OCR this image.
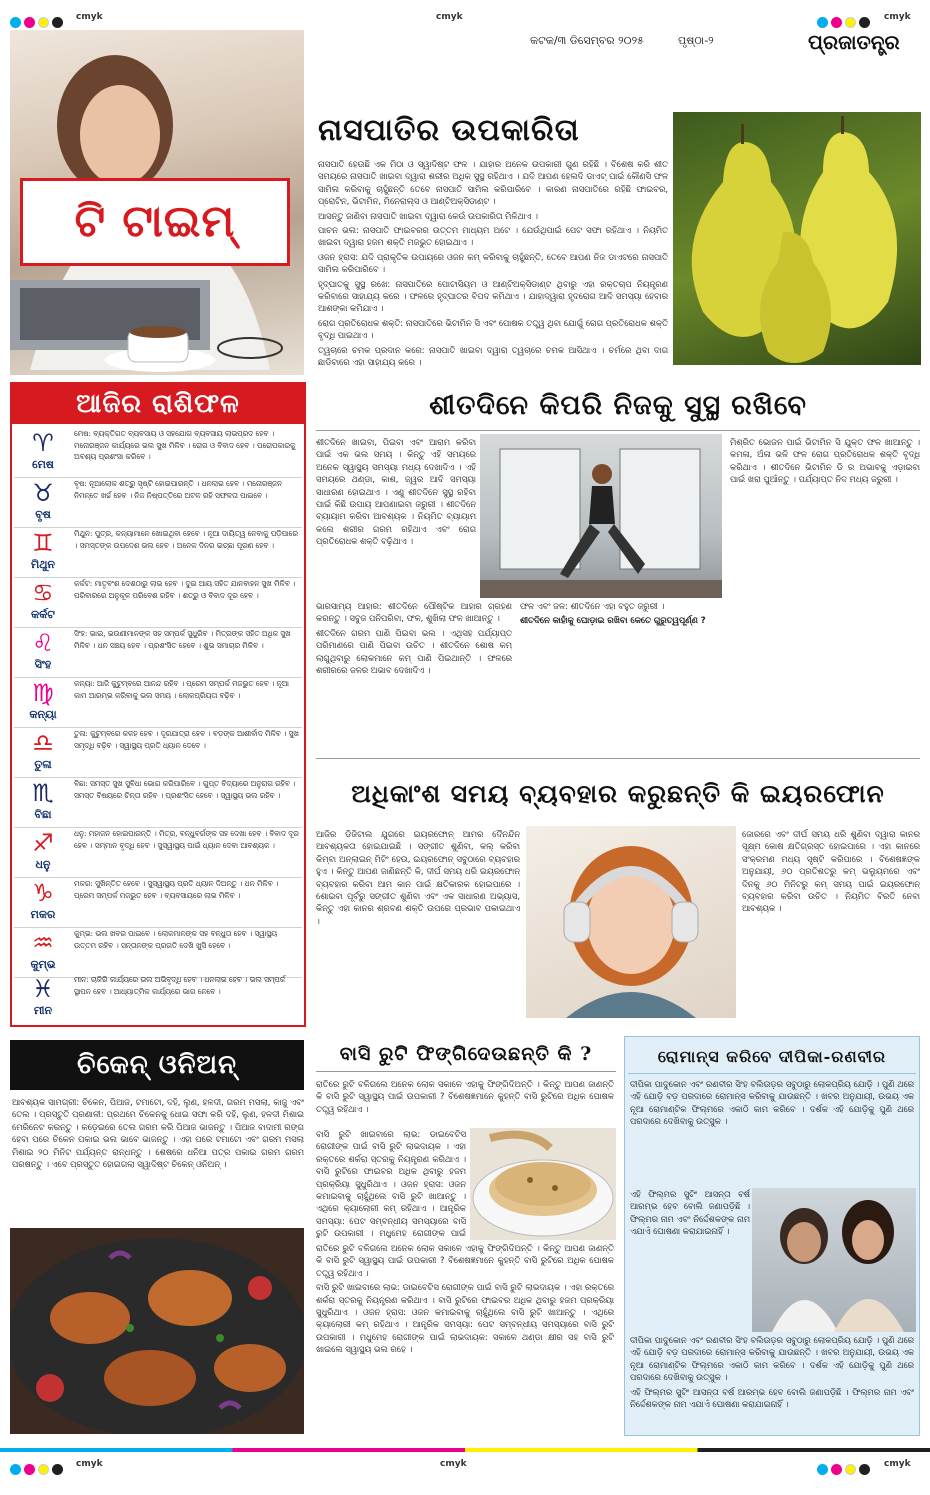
cmyk	cmyk	cmyk
କଟକ/୩ ଡିସେମ୍ବର ୨୦୨୫	ପୃଷ୍ଠା-୨	ପ୍ରଜାତନ୍ତ୍ର
ଟି ଟାଇମ୍‌
ନାସପାତିର ଉପକାରିତା

ନାସପାତି ହେଉଛି ଏକ ମିଠା ଓ ସ୍ୱାଦିଷ୍ଟ ଫଳ । ଯାହାର ଅନେକ ଉପକାରୀ ଗୁଣ ରହିଛି । ବିଶେଷ କରି ଶୀତ ସମୟରେ ନାସପାତି ଖାଇବା ଦ୍ୱାରା ଶରୀର ଅଧିକ ସୁସ୍ଥ ରହିଥାଏ । ଯଦି ଆପଣ ହେଲଦି ଡାଏଟ୍‌ ପାଇଁ କୌଣସି ଫଳ ସାମିଲ କରିବାକୁ ଚାହୁଁଛନ୍ତି ତେବେ ନାସପାତି ସାମିଲ କରିପାରିବେ । କାରଣ ନାସପାତିରେ ରହିଛି ଫାଇବର, ପ୍ରୋଟିନ, ଭିଟାମିନ, ମିନେରାଲ୍ସ ଓ ଆଣ୍ଟିଅକ୍ସିଡାଣ୍ଟ ।

ଆସନ୍ତୁ ଜାଣିବା ନାସପାତି ଖାଇବା ଦ୍ୱାରା କେଉଁ ଉପକାରିତା ମିଳିଥାଏ ।

ପାଚନ ଭଲ: ନାସପାତି ଫାଇବରର ଉତ୍ତମ ମାଧ୍ୟମ ଅଟେ । ଯେଉଁଥିପାଇଁ ପେଟ ସଫା ରହିଥାଏ । ନିୟମିତ ଖାଇବା ଦ୍ୱାରା ହଜମ ଶକ୍ତି ମଜଭୁତ ହୋଇଥାଏ ।

ଓଜନ ହ୍ରାସ: ଯଦି ପ୍ରାକୃତିକ ଉପାୟରେ ଓଜନ କମ୍‌ କରିବାକୁ ଚାହୁଁଛନ୍ତି, ତେବେ ଆପଣ ନିଜ ଡାଏଟରେ ନାସପାତି ସାମିଲ କରିପାରିବେ ।

ହୃଦ୍‌ଘାତକୁ ସୁସ୍ଥ ରଖେ: ନାସପାତିରେ ପୋଟାସିୟମ ଓ ଆଣ୍ଟିଅକ୍ସିଡାଣ୍ଟ ଥିବାରୁ ଏହା ରକ୍ତଚାପ ନିୟନ୍ତ୍ରଣ କରିବାରେ ସାହାଯ୍ୟ କରେ । ଫଳରେ ହୃଦ୍‌ଘାତର ବିପଦ କମିଥାଏ । ଯାହାଦ୍ୱାରା ହୃଦରୋଗ ଆଦି ସମସ୍ୟା ହେବାର ଆଶଙ୍କା କମିଯାଏ ।

ରୋଗ ପ୍ରତିରୋଧକ ଶକ୍ତି: ନାସପାତିରେ ଭିଟାମିନ ସି ଏବଂ ପୋଷକ ତତ୍ତ୍ୱ ଥିବା ଯୋଗୁଁ ରୋଗ ପ୍ରତିରୋଧକ ଶକ୍ତି ବୃଦ୍ଧି ପାଇଥାଏ ।

ତ୍ୱଚାରେ ଚମକ ପ୍ରଦାନ କରେ: ନାସପାତି ଖାଇବା ଦ୍ୱାରା ତ୍ୱଚାରେ ଚମକ ଆସିଥାଏ । ଚର୍ମରେ ଥିବା ଦାଗ ଛାଡିବାରେ ଏହା ସାହାଯ୍ୟ କରେ ।

ଆଜିର ରାଶିଫଳ
♈
ମେଷ
ମେଷ: ବ୍ୟକ୍ତିଗତ ବ୍ୟବସାୟ ଓ ସହଯୋଗ ବ୍ୟବସାୟ ଲାଭପ୍ରଦ ହେବ । ମନୋରଞ୍ଜନ କାର୍ଯ୍ୟରେ ଭଲ ସୁଖ ମିଳିବ । ରୋଗ ଓ ବିବାଦ ହେବ । ପରୋପକାରକୁ ଅବଶ୍ୟ ପ୍ରଶଂସା କରିବେ ।
♉
ବୃଷ
ବୃଷ: ନୂଆଲୋକ ଶତ୍ରୁ ସୃଷ୍ଟି ହୋଇପାରନ୍ତି । ଧନଲାଭ ହେବ । ମନୋରଞ୍ଜନ ନିମନ୍ତେ ଖର୍ଚ୍ଚ ହେବ । ନିଜ ନିଷ୍ପତ୍ତିରେ ଅଟଳ ରହି ସଫଳତା ପାଇବେ ।
♊
ମିଥୁନ
ମିଥୁନ: ପୁତ୍ର, କନ୍ୟାମାନେ ଖୋଇଥିବା ହେବେ । ନୂଆ ଦାୟିତ୍ୱ ନେବାକୁ ପଡ଼ିପାରେ । ସମସ୍ତଙ୍କ ଉପଦେଶ ଭଲ ହେବ । ଅନେକ ଦିନର ଇଚ୍ଛା ପୂରଣ ହେବ ।
♋
କର୍କଟ
କର୍କଟ: ମାତୃବଂଶ ଦେଶଠାରୁ ଲାଭ ହେବ । ଦୁଇ ଆୟ ସହିତ ଯାନବାହନ ସୁଖ ମିଳିବ । ପରିବାରରେ ଅନୁକୂଳ ପରିବେଶ ରହିବ । ଶତ୍ରୁ ଓ ବିବାଦ ଦୂର ହେବ ।
♌
ସିଂହ
ସିଂହ: ଭାଇ, ଭଉଣୀମାନଙ୍କ ସହ ସମ୍ପର୍କ ସୁଧୁରିବ । ମିତ୍ରଙ୍କ ସହିତ ଅଧିକ ସୁଖ ମିଳିବ । ଧନ ସଞ୍ଚୟ ହେବ । ପ୍ରଶଂସିତ ହେବେ । ଶୁଭ ସମାଚାର ମିଳିବ ।
♍
କନ୍ୟା
କନ୍ୟା: ଆଜି କୁଟୁମ୍ବରେ ଆନନ୍ଦ ରହିବ । ପ୍ରେମ ସମ୍ପର୍କ ମଜଭୁତ ହେବ । ନୂଆ କାମ ଆରମ୍ଭ କରିବାକୁ ଭଲ ସମୟ । ଲୋକପ୍ରିୟତା ବଢ଼ିବ ।
♎
ତୁଳା
ତୁଳା: କୁଟୁମ୍ବରେ କଳହ ହେବ । ଦୂରଯାତ୍ରା ହେବ । ବଡ଼ଙ୍କ ଆଶୀର୍ବାଦ ମିଳିବ । ସୁଖ ସମୃଦ୍ଧି ବଢ଼ିବ । ସ୍ୱାସ୍ଥ୍ୟ ପ୍ରତି ଧ୍ୟାନ ଦେବେ ।
♏
ବିଛା
ବିଛା: ସମସ୍ତ ସୁଖ ସୁବିଧା ଭୋଗ କରିପାରିବେ । ଗୁପ୍ତ ବିଦ୍ୟାରେ ଅନୁରାଗ ରହିବ । ସମସ୍ତ ବିଷୟରେ ଚିନ୍ତା ରହିବ । ପ୍ରଶଂସିତ ହେବେ । ସ୍ୱାସ୍ଥ୍ୟ ଭଲ ରହିବ ।
♐
ଧନୁ
ଧନୁ: ମହାଜନ ହୋଇପାରନ୍ତି । ମିତ୍ର, ବନ୍ଧୁବର୍ଗଙ୍କ ସହ ଦେଖା ହେବ । ବିବାଦ ଦୂର ହେବ । ସମ୍ମାନ ବୃଦ୍ଧି ହେବ । ସୁସ୍ୱାସ୍ଥ୍ୟ ପାଇଁ ଧ୍ୟାନ ଦେବା ଆବଶ୍ୟକ ।
♑
ମକର
ମକର: ସୁଖିନ୍ତିତ ହେବେ । ସୁସ୍ୱାସ୍ଥ୍ୟ ପ୍ରତି ଧ୍ୟାନ ଦିଅନ୍ତୁ । ଧନ ମିଳିବ । ପ୍ରେମ ସମ୍ପର୍କ ମଜଭୁତ ହେବ । ବ୍ୟବସାୟରେ ଲାଭ ମିଳିବ ।
♒
କୁମ୍ଭ
କୁମ୍ଭ: ଭଲ ଖବର ପାଇବେ । ଲୋକମାନଙ୍କ ସହ ବନ୍ଧୁତା ହେବ । ସ୍ୱାସ୍ଥ୍ୟ ଉତ୍ତମ ରହିବ । ସନ୍ତାନଙ୍କ ପ୍ରଗତି ଦେଖି ଖୁସି ହେବେ ।
♓
ମୀନ
ମୀନ: ଚାକିରି କାର୍ଯ୍ୟରେ ଭଲ ଅଭିବୃଦ୍ଧି ହେବ । ଧନଲାଭ ହେବ । ଭଲ ସମ୍ପର୍କ ସ୍ଥାପନ ହେବ । ଆଧ୍ୟାତ୍ମିକ କାର୍ଯ୍ୟରେ ଭାଗ ନେବେ ।
ଶୀତଦିନେ କିପରି ନିଜକୁ ସୁସ୍ଥ ରଖିବେ
ଶୀତଦିନେ ଖାଇବା, ପିଇବା ଏବଂ ଆରାମ କରିବା ପାଇଁ ଏକ ଭଲ ସମୟ । କିନ୍ତୁ ଏହି ସମୟରେ ଅନେକ ସ୍ୱାସ୍ଥ୍ୟ ସମସ୍ୟା ମଧ୍ୟ ଦେଖାଦିଏ । ଏହି ସମୟରେ ଥଣ୍ଡା, କାଶ, ଜ୍ୱର ଆଦି ସମସ୍ୟା ସାଧାରଣ ହୋଇଥାଏ । ଏଣୁ ଶୀତଦିନେ ସୁସ୍ଥ ରହିବା ପାଇଁ କିଛି ଉପାୟ ଆପଣାଇବା ଜରୁରୀ । ଶୀତଦିନେ ବ୍ୟାୟାମ କରିବା ଆବଶ୍ୟକ । ନିୟମିତ ବ୍ୟାୟାମ କଲେ ଶରୀର ଗରମ ରହିଥାଏ ଏବଂ ରୋଗ ପ୍ରତିରୋଧକ ଶକ୍ତି ବଢ଼ିଥାଏ ।
ମିଶ୍ରିତ ଭୋଜନ ପାଇଁ ଭିଟାମିନ ସି ଯୁକ୍ତ ଫଳ ଖାଆନ୍ତୁ । କମଳା, ଅଁଳା ଭଳି ଫଳ ରୋଗ ପ୍ରତିରୋଧକ ଶକ୍ତି ବୃଦ୍ଧି କରିଥାଏ । ଶୀତଦିନେ ଭିଟାମିନ ଡି ର ଅଭାବକୁ ଏଡ଼ାଇବା ପାଇଁ ଖରା ପୁଆଁନ୍ତୁ । ପର୍ଯ୍ୟାପ୍ତ ନିଦ ମଧ୍ୟ ଜରୁରୀ ।

ଭାରସାମ୍ୟ ଆହାର: ଶୀତଦିନେ ପୌଷ୍ଟିକ ଆହାର ଗ୍ରହଣ କରନ୍ତୁ । ସବୁଜ ପନିପରିବା, ଫଳ, ଶୁଖିଲା ଫଳ ଖାଆନ୍ତୁ ।

ଶୀତଦିନେ ଗରମ ପାଣି ପିଇବା ଭଲ । ଏଥିସହ ପର୍ଯ୍ୟାପ୍ତ ପରିମାଣରେ ପାଣି ପିଇବା ଉଚିତ । ଶୀତଦିନେ ଶୋଷ କମ୍‌ ଲାଗୁଥିବାରୁ ଲୋକମାନେ କମ୍‌ ପାଣି ପିଇଥାନ୍ତି । ଫଳରେ ଶରୀରରେ ଜଳର ଅଭାବ ଦେଖାଦିଏ ।

ଫଳ ଏବଂ ଜଳ: ଶୀତଦିନେ ଏହା ବହୁତ ଜରୁରୀ ।

ଶୀତଦିନେ କାହାଁକୁ ଘୋଡ଼ାଇ ରଖିବା କେତେ ଗୁରୁତ୍ୱପୂର୍ଣ୍ଣ ?

ଅଧିକାଂଶ ସମୟ ବ୍ୟବହାର କରୁଛନ୍ତି କି ଇୟରଫୋନ
ଆଜିର ଡିଜିଟାଲ ଯୁଗରେ ଇୟରଫୋନ୍‌ ଆମର ଦୈନନ୍ଦିନ ଆବଶ୍ୟକତା ହୋଇଯାଇଛି । ସଙ୍ଗୀତ ଶୁଣିବା, କଲ୍‌ କରିବା କିମ୍ବା ଅନ୍‌ଲାଇନ୍‌ ମିଟିଂ ହେଉ, ଇୟରଫୋନ୍‌ ସବୁଠାରେ ବ୍ୟବହାର ହୁଏ । କିନ୍ତୁ ଆପଣ ଜାଣିଛନ୍ତି କି, ଦୀର୍ଘ ସମୟ ଧରି ଇୟରଫୋନ୍‌ ବ୍ୟବହାର କରିବା ଆମ କାନ ପାଇଁ କ୍ଷତିକାରକ ହୋଇପାରେ । ଶୋଇବା ପୂର୍ବରୁ ସଙ୍ଗୀତ ଶୁଣିବା ଏବଂ ଏକ ସାଧାରଣ ଅଭ୍ୟାସ, କିନ୍ତୁ ଏହା କାନର ଶ୍ରବଣ ଶକ୍ତି ଉପରେ ପ୍ରଭାବ ପକାଇଥାଏ ।
ଜୋରରେ ଏବଂ ଦୀର୍ଘ ସମୟ ଧରି ଶୁଣିବା ଦ୍ୱାରା କାନର ସୂକ୍ଷ୍ମ କୋଷ କ୍ଷତିଗ୍ରସ୍ତ ହୋଇପାରେ । ଏହା କାନରେ ସଂକ୍ରମଣ ମଧ୍ୟ ସୃଷ୍ଟି କରିପାରେ । ବିଶେଷଜ୍ଞଙ୍କ ଅନୁଯାୟୀ, ୬୦ ପ୍ରତିଶତରୁ କମ୍‌ ଭଲ୍ୟୁମରେ ଏବଂ ଦିନକୁ ୬୦ ମିନିଟରୁ କମ୍‌ ସମୟ ପାଇଁ ଇୟରଫୋନ୍‌ ବ୍ୟବହାର କରିବା ଉଚିତ । ନିୟମିତ ବିରତି ନେବା ଆବଶ୍ୟକ ।
ଚିକେନ୍‌ ଓନିଅନ୍‌
ଆବଶ୍ୟକ ସାମଗ୍ରୀ: ଚିକେନ, ପିଆଜ, ଟମାଟୋ, ଦହି, ଲୁଣ, ହଳଦୀ, ଗରମ ମସଲା, କାଜୁ ଏବଂ ତେଲ । ପ୍ରସ୍ତୁତି ପ୍ରଣାଳୀ: ପ୍ରଥମେ ଚିକେନକୁ ଧୋଇ ସଫା କରି ଦହି, ଲୁଣ, ହଳଦୀ ମିଶାଇ ମେରିନେଟ କରନ୍ତୁ । କଡ଼େଇରେ ତେଲ ଗରମ କରି ପିଆଜ ଭାଜନ୍ତୁ । ପିଆଜ ବାଦାମୀ ରଙ୍ଗ ହେବା ପରେ ଚିକେନ ପକାଇ ଭଲ ଭାବେ ଭାଜନ୍ତୁ । ଏହା ପରେ ଟମାଟୋ ଏବଂ ଗରମ ମସଲା ମିଶାଇ ୨୦ ମିନିଟ ପର୍ଯ୍ୟନ୍ତ ରାନ୍ଧନ୍ତୁ । ଶେଷରେ ଧନିଆ ପତ୍ର ପକାଇ ଗରମ ଗରମ ପରଷନ୍ତୁ । ଏବେ ପ୍ରସ୍ତୁତ ହୋଇଗଲା ସ୍ୱାଦିଷ୍ଟ ଚିକେନ୍‌ ଓନିଅନ୍‌ ।
ବାସି ରୁଟି ଫିଙ୍ଗିଦେଉଛନ୍ତି କି ?
ରାତିରେ ରୁଟି ବଳିଗଲେ ଅନେକ ଲୋକ ସକାଳେ ଏହାକୁ ଫିଙ୍ଗିଦିଅନ୍ତି । କିନ୍ତୁ ଆପଣ ଜାଣନ୍ତି କି ବାସି ରୁଟି ସ୍ୱାସ୍ଥ୍ୟ ପାଇଁ ଉପକାରୀ ? ବିଶେଷଜ୍ଞମାନେ କୁହନ୍ତି ବାସି ରୁଟିରେ ଅଧିକ ପୋଷକ ତତ୍ତ୍ୱ ରହିଥାଏ ।
ବାସି ରୁଟି ଖାଇବାରେ ଲାଭ: ଡାଇବେଟିସ ରୋଗୀଙ୍କ ପାଇଁ ବାସି ରୁଟି ଲାଭଦାୟକ । ଏହା ରକ୍ତରେ ଶର୍କରା ସ୍ତରକୁ ନିୟନ୍ତ୍ରଣ କରିଥାଏ । ବାସି ରୁଟିରେ ଫାଇବର ଅଧିକ ଥିବାରୁ ହଜମ ପ୍ରକ୍ରିୟା ସୁଧୁରିଥାଏ । ଓଜନ ହ୍ରାସ: ଓଜନ କମାଇବାକୁ ଚାହୁଁଥିଲେ ବାସି ରୁଟି ଖାଆନ୍ତୁ । ଏଥିରେ କ୍ୟାଲୋରୀ କମ୍‌ ରହିଥାଏ । ଆନ୍ତ୍ରିକ ସମସ୍ୟା: ପେଟ ସମ୍ବନ୍ଧୀୟ ସମସ୍ୟାରେ ବାସି ରୁଟି ଉପକାରୀ । ମଧୁମେହ ରୋଗୀଙ୍କ ପାଇଁ

ରାତିରେ ରୁଟି ବଳିଗଲେ ଅନେକ ଲୋକ ସକାଳେ ଏହାକୁ ଫିଙ୍ଗିଦିଅନ୍ତି । କିନ୍ତୁ ଆପଣ ଜାଣନ୍ତି କି ବାସି ରୁଟି ସ୍ୱାସ୍ଥ୍ୟ ପାଇଁ ଉପକାରୀ ? ବିଶେଷଜ୍ଞମାନେ କୁହନ୍ତି ବାସି ରୁଟିରେ ଅଧିକ ପୋଷକ ତତ୍ତ୍ୱ ରହିଥାଏ ।

ବାସି ରୁଟି ଖାଇବାରେ ଲାଭ: ଡାଇବେଟିସ ରୋଗୀଙ୍କ ପାଇଁ ବାସି ରୁଟି ଲାଭଦାୟକ । ଏହା ରକ୍ତରେ ଶର୍କରା ସ୍ତରକୁ ନିୟନ୍ତ୍ରଣ କରିଥାଏ । ବାସି ରୁଟିରେ ଫାଇବର ଅଧିକ ଥିବାରୁ ହଜମ ପ୍ରକ୍ରିୟା ସୁଧୁରିଥାଏ । ଓଜନ ହ୍ରାସ: ଓଜନ କମାଇବାକୁ ଚାହୁଁଥିଲେ ବାସି ରୁଟି ଖାଆନ୍ତୁ । ଏଥିରେ କ୍ୟାଲୋରୀ କମ୍‌ ରହିଥାଏ । ଆନ୍ତ୍ରିକ ସମସ୍ୟା: ପେଟ ସମ୍ବନ୍ଧୀୟ ସମସ୍ୟାରେ ବାସି ରୁଟି ଉପକାରୀ । ମଧୁମେହ ରୋଗୀଙ୍କ ପାଇଁ ଲାଭଦାୟକ: ସକାଳେ ଥଣ୍ଡା କ୍ଷୀର ସହ ବାସି ରୁଟି ଖାଇଲେ ସ୍ୱାସ୍ଥ୍ୟ ଭଲ ରହେ ।

ରୋମାନ୍ସ କରିବେ ଦୀପିକା-ରଣବୀର
ଦୀପିକା ପାଦୁକୋନ ଏବଂ ରଣବୀର ସିଂହ ବଲିଉଡ଼ର ସବୁଠାରୁ ଲୋକପ୍ରିୟ ଯୋଡ଼ି । ପୁଣି ଥରେ ଏହି ଯୋଡ଼ି ବଡ଼ ପରଦାରେ ରୋମାନ୍ସ କରିବାକୁ ଯାଉଛନ୍ତି । ଖବର ଅନୁଯାୟୀ, ଉଭୟ ଏକ ନୂଆ ରୋମାଣ୍ଟିକ ଫିଲ୍ମରେ ଏକାଠି କାମ କରିବେ । ଦର୍ଶକ ଏହି ଯୋଡ଼ିକୁ ପୁଣି ଥରେ ପରଦାରେ ଦେଖିବାକୁ ଉତ୍ସୁକ ।
ଏହି ଫିଲ୍ମର ସୁଟିଂ ଆସନ୍ତା ବର୍ଷ ଆରମ୍ଭ ହେବ ବୋଲି ଜଣାପଡ଼ିଛି । ଫିଲ୍ମର ନାମ ଏବଂ ନିର୍ଦ୍ଦେଶକଙ୍କ ନାମ ଏଯାଏଁ ଘୋଷଣା କରାଯାଇନାହିଁ ।

ଦୀପିକା ପାଦୁକୋନ ଏବଂ ରଣବୀର ସିଂହ ବଲିଉଡ଼ର ସବୁଠାରୁ ଲୋକପ୍ରିୟ ଯୋଡ଼ି । ପୁଣି ଥରେ ଏହି ଯୋଡ଼ି ବଡ଼ ପରଦାରେ ରୋମାନ୍ସ କରିବାକୁ ଯାଉଛନ୍ତି । ଖବର ଅନୁଯାୟୀ, ଉଭୟ ଏକ ନୂଆ ରୋମାଣ୍ଟିକ ଫିଲ୍ମରେ ଏକାଠି କାମ କରିବେ । ଦର୍ଶକ ଏହି ଯୋଡ଼ିକୁ ପୁଣି ଥରେ ପରଦାରେ ଦେଖିବାକୁ ଉତ୍ସୁକ ।

ଏହି ଫିଲ୍ମର ସୁଟିଂ ଆସନ୍ତା ବର୍ଷ ଆରମ୍ଭ ହେବ ବୋଲି ଜଣାପଡ଼ିଛି । ଫିଲ୍ମର ନାମ ଏବଂ ନିର୍ଦ୍ଦେଶକଙ୍କ ନାମ ଏଯାଏଁ ଘୋଷଣା କରାଯାଇନାହିଁ ।

cmyk	cmyk	cmyk
